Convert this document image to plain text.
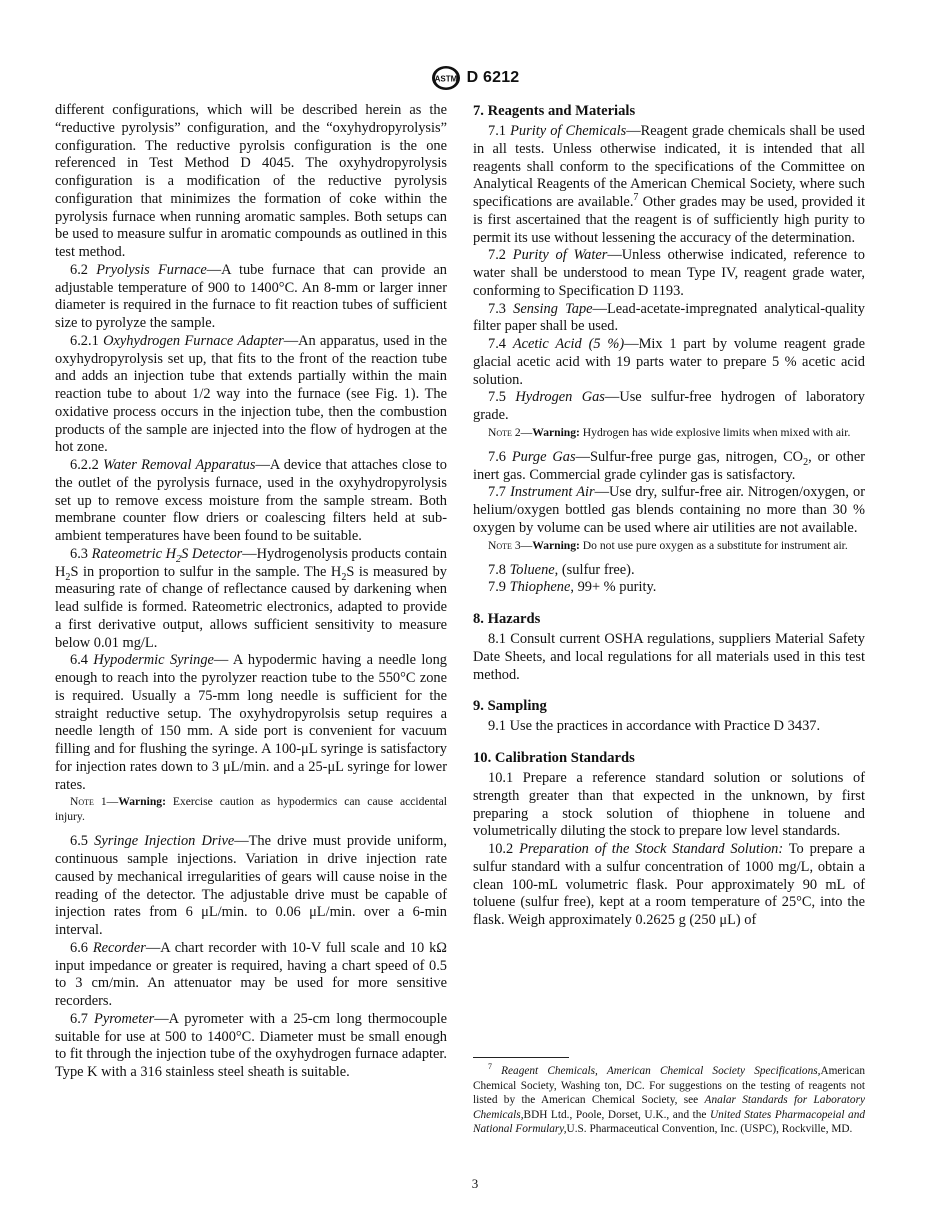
ASTM D 6212

different configurations, which will be described herein as the “reductive pyrolysis” configuration, and the “oxyhydropyrolysis” configuration. The reductive pyrolsis configuration is the one referenced in Test Method D 4045. The oxyhydropyrolysis configuration is a modification of the reductive pyrolysis configuration that minimizes the formation of coke within the pyrolysis furnace when running aromatic samples. Both setups can be used to measure sulfur in aromatic compounds as outlined in this test method.

6.2 Pryolysis Furnace—A tube furnace that can provide an adjustable temperature of 900 to 1400°C. An 8-mm or larger inner diameter is required in the furnace to fit reaction tubes of sufficient size to pyrolyze the sample.

6.2.1 Oxyhydrogen Furnace Adapter—An apparatus, used in the oxyhydropyrolysis set up, that fits to the front of the reaction tube and adds an injection tube that extends partially within the main reaction tube to about 1/2 way into the furnace (see Fig. 1). The oxidative process occurs in the injection tube, then the combustion products of the sample are injected into the flow of hydrogen at the hot zone.

6.2.2 Water Removal Apparatus—A device that attaches close to the outlet of the pyrolysis furnace, used in the oxyhydropyrolysis set up to remove excess moisture from the sample stream. Both membrane counter flow driers or coalescing filters held at sub-ambient temperatures have been found to be suitable.

6.3 Rateometric $H_2S$ Detector—Hydrogenolysis products contain $H_2S$ in proportion to sulfur in the sample. The $H_2S$ is measured by measuring rate of change of reflectance caused by darkening when lead sulfide is formed. Rateometric electronics, adapted to provide a first derivative output, allows sufficient sensitivity to measure below 0.01 mg/L.

6.4 Hypodermic Syringe— A hypodermic having a needle long enough to reach into the pyrolyzer reaction tube to the 550°C zone is required. Usually a 75-mm long needle is sufficient for the straight reductive setup. The oxyhydropyrolsis setup requires a needle length of 150 mm. A side port is convenient for vacuum filling and for flushing the syringe. A 100-μL syringe is satisfactory for injection rates down to 3 μL/min. and a 25-μL syringe for lower rates.

Note 1—Warning: Exercise caution as hypodermics can cause accidental injury.

6.5 Syringe Injection Drive—The drive must provide uniform, continuous sample injections. Variation in drive injection rate caused by mechanical irregularities of gears will cause noise in the reading of the detector. The adjustable drive must be capable of injection rates from 6 μL/min. to 0.06 μL/min. over a 6-min interval.

6.6 Recorder—A chart recorder with 10-V full scale and 10 kΩ input impedance or greater is required, having a chart speed of 0.5 to 3 cm/min. An attenuator may be used for more sensitive recorders.

6.7 Pyrometer—A pyrometer with a 25-cm long thermocouple suitable for use at 500 to 1400°C. Diameter must be small enough to fit through the injection tube of the oxyhydrogen furnace adapter. Type K with a 316 stainless steel sheath is suitable.

7. Reagents and Materials

7.1 Purity of Chemicals—Reagent grade chemicals shall be used in all tests. Unless otherwise indicated, it is intended that all reagents shall conform to the specifications of the Committee on Analytical Reagents of the American Chemical Society, where such specifications are available.$^7$ Other grades may be used, provided it is first ascertained that the reagent is of sufficiently high purity to permit its use without lessening the accuracy of the determination.

7.2 Purity of Water—Unless otherwise indicated, reference to water shall be understood to mean Type IV, reagent grade water, conforming to Specification D 1193.

7.3 Sensing Tape—Lead-acetate-impregnated analytical-quality filter paper shall be used.

7.4 Acetic Acid (5 %)—Mix 1 part by volume reagent grade glacial acetic acid with 19 parts water to prepare 5 % acetic acid solution.

7.5 Hydrogen Gas—Use sulfur-free hydrogen of laboratory grade.

Note 2—Warning: Hydrogen has wide explosive limits when mixed with air.

7.6 Purge Gas—Sulfur-free purge gas, nitrogen, $CO_2$, or other inert gas. Commercial grade cylinder gas is satisfactory.

7.7 Instrument Air—Use dry, sulfur-free air. Nitrogen/oxygen, or helium/oxygen bottled gas blends containing no more than 30 % oxygen by volume can be used where air utilities are not available.

Note 3—Warning: Do not use pure oxygen as a substitute for instrument air.

7.8 Toluene, (sulfur free).

7.9 Thiophene, 99+ % purity.

8. Hazards

8.1 Consult current OSHA regulations, suppliers Material Safety Date Sheets, and local regulations for all materials used in this test method.

9. Sampling

9.1 Use the practices in accordance with Practice D 3437.

10. Calibration Standards

10.1 Prepare a reference standard solution or solutions of strength greater than that expected in the unknown, by first preparing a stock solution of thiophene in toluene and volumetrically diluting the stock to prepare low level standards.

10.2 Preparation of the Stock Standard Solution: To prepare a sulfur standard with a sulfur concentration of 1000 mg/L, obtain a clean 100-mL volumetric flask. Pour approximately 90 mL of toluene (sulfur free), kept at a room temperature of 25°C, into the flask. Weigh approximately 0.2625 g (250 μL) of

$^7$ Reagent Chemicals, American Chemical Society Specifications,American Chemical Society, Washing ton, DC. For suggestions on the testing of reagents not listed by the American Chemical Society, see Analar Standards for Laboratory Chemicals,BDH Ltd., Poole, Dorset, U.K., and the United States Pharmacopeial and National Formulary,U.S. Pharmaceutical Convention, Inc. (USPC), Rockville, MD.
3
